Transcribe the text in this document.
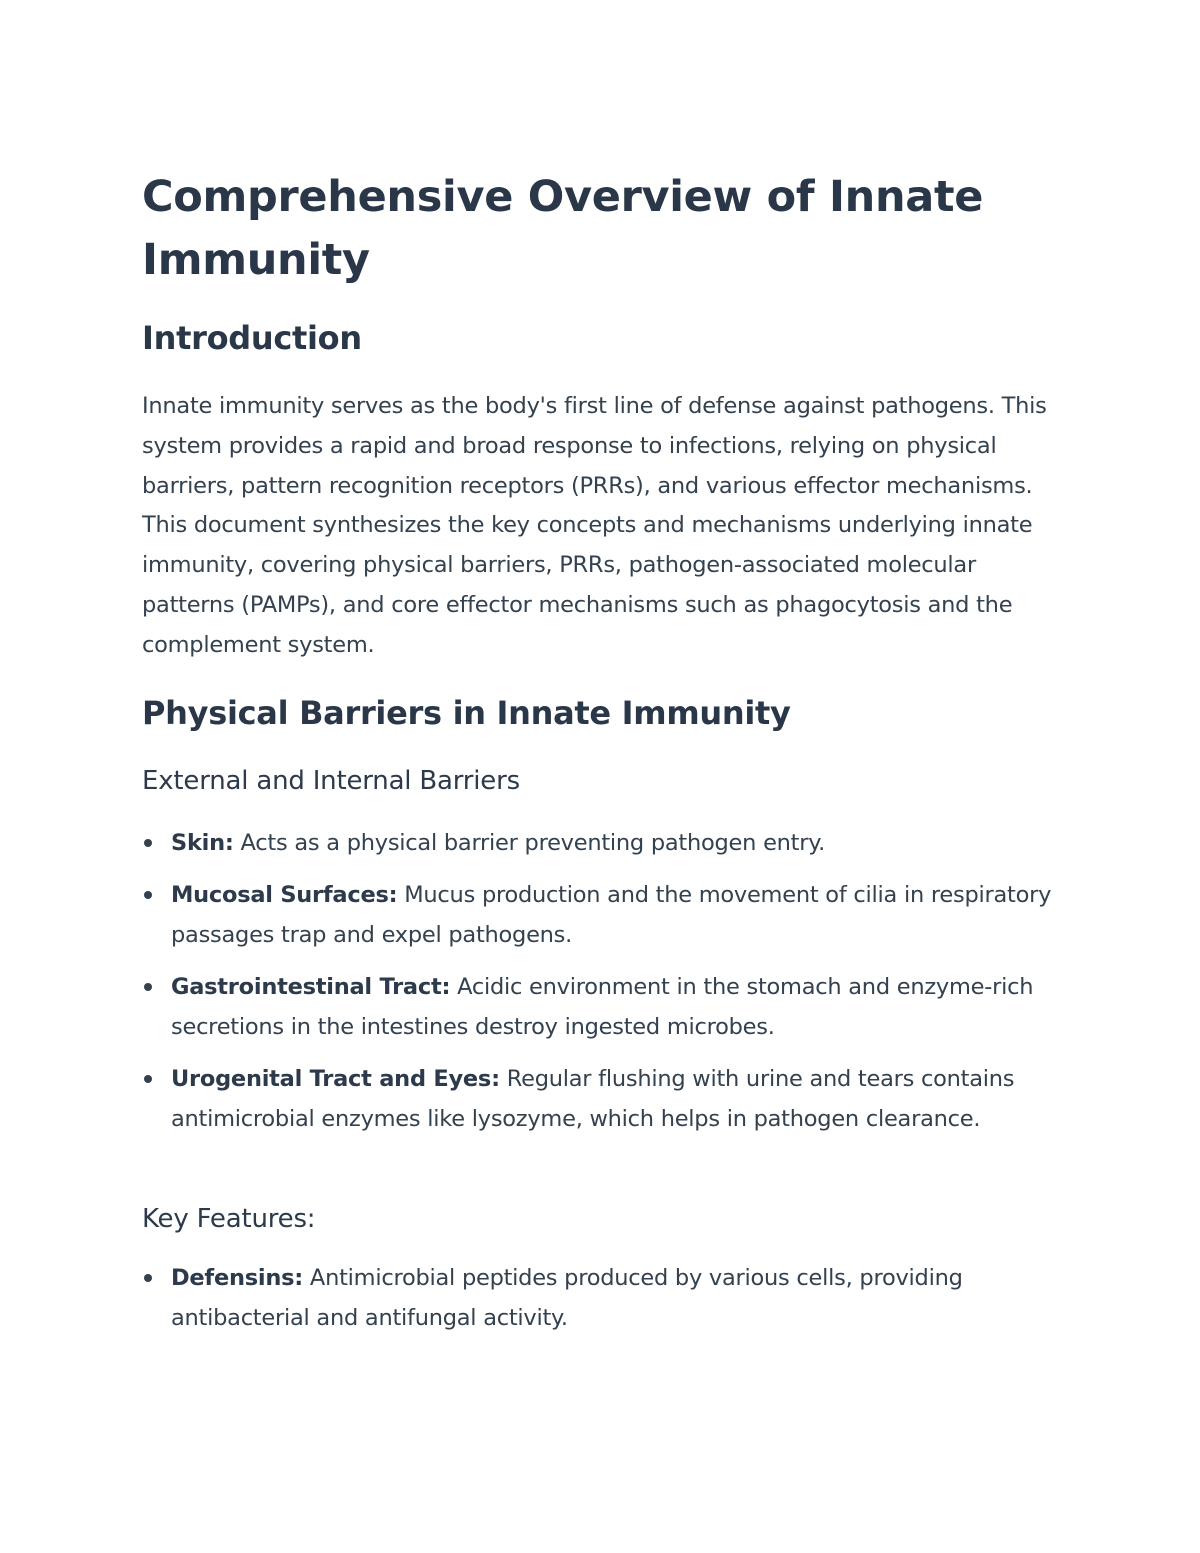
Comprehensive Overview of Innate Immunity
Introduction

Innate immunity serves as the body's first line of defense against pathogens. This system provides a rapid and broad response to infections, relying on physical barriers, pattern recognition receptors (PRRs), and various effector mechanisms. This document synthesizes the key concepts and mechanisms underlying innate immunity, covering physical barriers, PRRs, pathogen-associated molecular patterns (PAMPs), and core effector mechanisms such as phagocytosis and the complement system.

Physical Barriers in Innate Immunity
External and Internal Barriers
Skin: Acts as a physical barrier preventing pathogen entry.
Mucosal Surfaces: Mucus production and the movement of cilia in respiratory passages trap and expel pathogens.
Gastrointestinal Tract: Acidic environment in the stomach and enzyme-rich secretions in the intestines destroy ingested microbes.
Urogenital Tract and Eyes: Regular flushing with urine and tears contains antimicrobial enzymes like lysozyme, which helps in pathogen clearance.
Key Features:
Defensins: Antimicrobial peptides produced by various cells, providing antibacterial and antifungal activity.
